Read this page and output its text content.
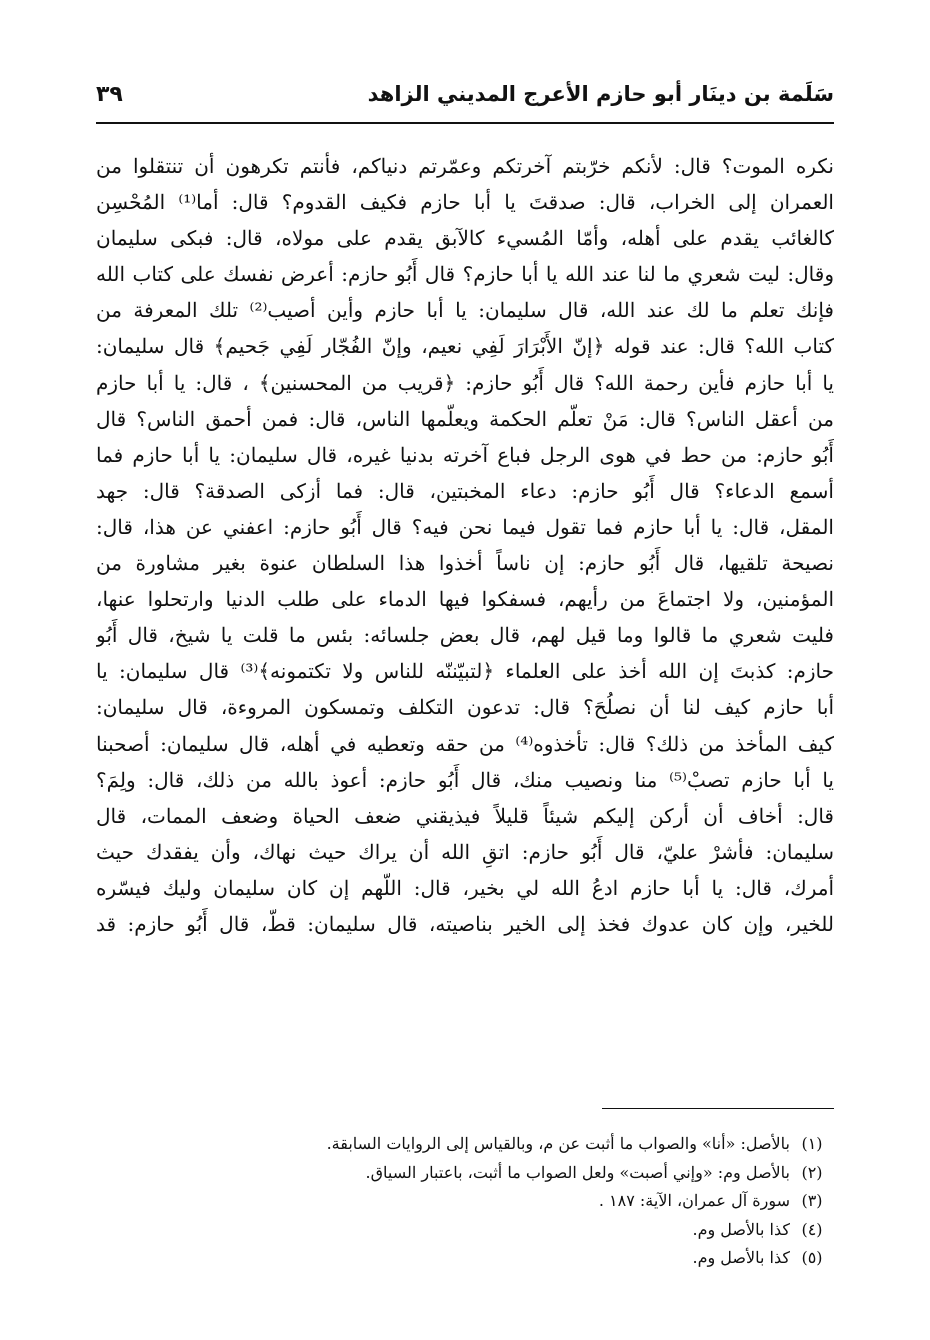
سَلَمة بن دينَار أبو حازم الأعرج المديني الزاهد
٣٩
نكره الموت؟ قال: لأنكم خرّبتم آخرتكم وعمّرتم دنياكم، فأنتم تكرهون أن تنتقلوا من
العمران إلى الخراب، قال: صدقتَ يا أبا حازم فكيف القدوم؟ قال: أما⁽¹⁾ المُحْسِن
كالغائب يقدم على أهله، وأمّا المُسيء كالآبق يقدم على مولاه، قال: فبكى سليمان
وقال: ليت شعري ما لنا عند الله يا أبا حازم؟ قال أَبُو حازم: أعرض نفسك على كتاب الله
فإنك تعلم ما لك عند الله، قال سليمان: يا أبا حازم وأين أصيب⁽²⁾ تلك المعرفة من
كتاب الله؟ قال: عند قوله ﴿إنّ الأَبْرَارَ لَفِي نعيم، وإنّ الفُجّار لَفِي جَحيم﴾ قال سليمان:
يا أبا حازم فأين رحمة الله؟ قال أَبُو حازم: ﴿قريب من المحسنين﴾ ، قال: يا أبا حازم
من أعقل الناس؟ قال: مَنْ تعلّم الحكمة ويعلّمها الناس، قال: فمن أحمق الناس؟ قال
أَبُو حازم: من حط في هوى الرجل فباع آخرته بدنيا غيره، قال سليمان: يا أبا حازم فما
أسمع الدعاء؟ قال أَبُو حازم: دعاء المخبتين، قال: فما أزكى الصدقة؟ قال: جهد
المقل، قال: يا أبا حازم فما تقول فيما نحن فيه؟ قال أَبُو حازم: اعفني عن هذا، قال:
نصيحة تلقيها، قال أَبُو حازم: إن ناساً أخذوا هذا السلطان عنوة بغير مشاورة من
المؤمنين، ولا اجتماعَ من رأيهم، فسفكوا فيها الدماء على طلب الدنيا وارتحلوا عنها،
فليت شعري ما قالوا وما قيل لهم، قال بعض جلسائه: بئس ما قلت يا شيخ، قال أَبُو
حازم: كذبتَ إن الله أخذ على العلماء ﴿لتبيّننّه للناس ولا تكتمونه﴾⁽³⁾ قال سليمان: يا
أبا حازم كيف لنا أن نصلُحَ؟ قال: تدعون التكلف وتمسكون المروءة، قال سليمان:
كيف المأخذ من ذلك؟ قال: تأخذوه⁽⁴⁾ من حقه وتعطيه في أهله، قال سليمان: أصحبنا
يا أبا حازم تصبْ⁽⁵⁾ منا ونصيب منك، قال أَبُو حازم: أعوذ بالله من ذلك، قال: ولِمَ؟
قال: أخاف أن أركن إليكم شيئاً قليلاً فيذيقني ضعف الحياة وضعف الممات، قال
سليمان: فأشرْ عليّ، قال أَبُو حازم: اتقِ الله أن يراك حيث نهاك، وأن يفقدك حيث
أمرك، قال: يا أبا حازم ادعُ الله لي بخير، قال: اللّهم إن كان سليمان وليك فيسّره
للخير، وإن كان عدوك فخذ إلى الخير بناصيته، قال سليمان: قطّ، قال أَبُو حازم: قد
(١)
بالأصل: «أنا» والصواب ما أثبت عن م، وبالقياس إلى الروايات السابقة.
(٢)
بالأصل وم: «وإني أصبت» ولعل الصواب ما أثبت، باعتبار السياق.
(٣)
سورة آل عمران، الآية: ١٨٧ .
(٤)
كذا بالأصل وم.
(٥)
كذا بالأصل وم.
